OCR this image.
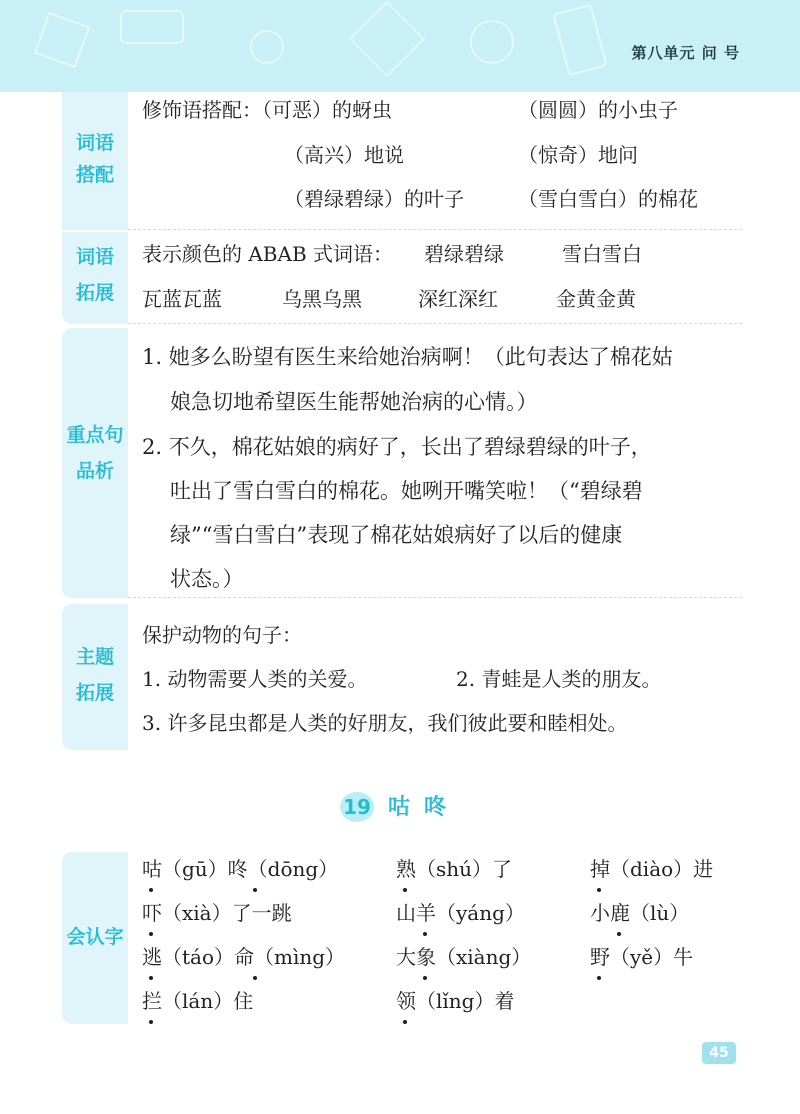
第八单元 问 号
词语
搭配
修饰语搭配：（可恶）的蚜虫	（圆圆）的小虫子
（高兴）地说	（惊奇）地问
（碧绿碧绿）的叶子	（雪白雪白）的棉花
词语
拓展
表示颜色的 ABAB 式词语： 碧绿碧绿	雪白雪白
瓦蓝瓦蓝	乌黑乌黑	深红深红	金黄金黄
重点句
品析
1. 她多么盼望有医生来给她治病啊！（此句表达了棉花姑
娘急切地希望医生能帮她治病的心情。）
2. 不久，棉花姑娘的病好了，长出了碧绿碧绿的叶子，
吐出了雪白雪白的棉花。她咧开嘴笑啦！（“碧绿碧
绿”“雪白雪白”表现了棉花姑娘病好了以后的健康
状态。）
主题
拓展
保护动物的句子：
1. 动物需要人类的关爱。	2. 青蛙是人类的朋友。
3. 许多昆虫都是人类的好朋友，我们彼此要和睦相处。
19 咕咚
会认字
咕（gū）咚（dōng）	熟（shú）了	掉（diào）进
吓（xià）了一跳	山羊（yáng）	小鹿（lù）
逃（táo）命（mìng）	大象（xiàng）	野（yě）牛
拦（lán）住	领（lǐng）着
45
